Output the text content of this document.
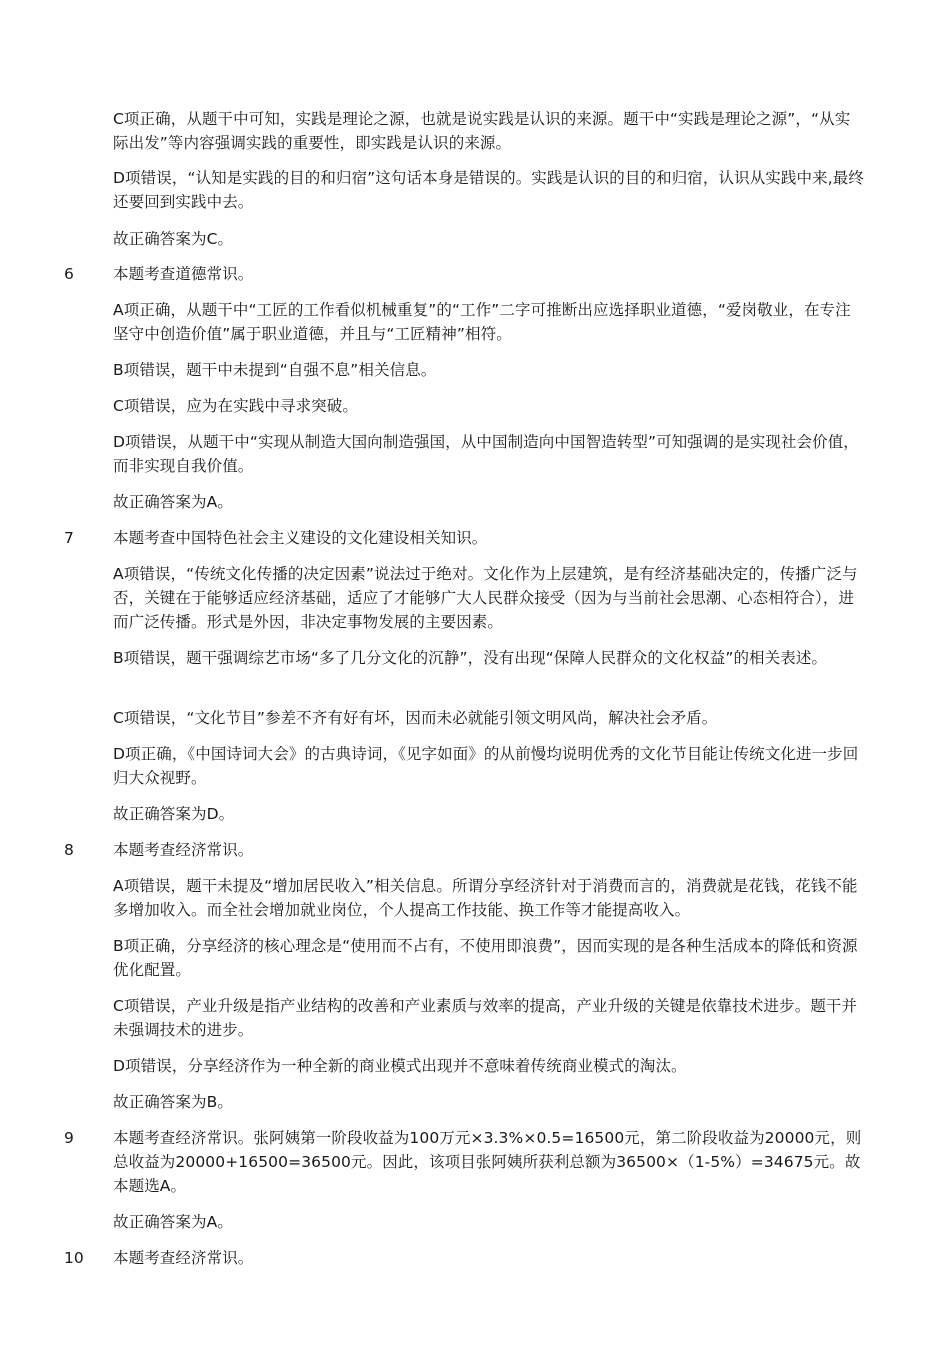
C项正确，从题干中可知，实践是理论之源，也就是说实践是认识的来源。题干中“实践是理论之源”，“从实际出发”等内容强调实践的重要性，即实践是认识的来源。

D项错误，“认知是实践的目的和归宿”这句话本身是错误的。实践是认识的目的和归宿，认识从实践中来,最终还要回到实践中去。

故正确答案为C。

6	本题考查道德常识。

A项正确，从题干中“工匠的工作看似机械重复”的“工作”二字可推断出应选择职业道德，“爱岗敬业，在专注坚守中创造价值”属于职业道德，并且与“工匠精神”相符。

B项错误，题干中未提到“自强不息”相关信息。

C项错误，应为在实践中寻求突破。

D项错误，从题干中“实现从制造大国向制造强国，从中国制造向中国智造转型”可知强调的是实现社会价值，而非实现自我价值。

故正确答案为A。

7	本题考查中国特色社会主义建设的文化建设相关知识。

A项错误，“传统文化传播的决定因素”说法过于绝对。文化作为上层建筑，是有经济基础决定的，传播广泛与否，关键在于能够适应经济基础，适应了才能够广大人民群众接受（因为与当前社会思潮、心态相符合），进而广泛传播。形式是外因，非决定事物发展的主要因素。

B项错误，题干强调综艺市场“多了几分文化的沉静”，没有出现“保障人民群众的文化权益”的相关表述。

C项错误，“文化节目”参差不齐有好有坏，因而未必就能引领文明风尚，解决社会矛盾。

D项正确，《中国诗词大会》的古典诗词，《见字如面》的从前慢均说明优秀的文化节目能让传统文化进一步回归大众视野。

故正确答案为D。

8	本题考查经济常识。

A项错误，题干未提及“增加居民收入”相关信息。所谓分享经济针对于消费而言的，消费就是花钱，花钱不能多增加收入。而全社会增加就业岗位，个人提高工作技能、换工作等才能提高收入。

B项正确，分享经济的核心理念是“使用而不占有，不使用即浪费”，因而实现的是各种生活成本的降低和资源优化配置。

C项错误，产业升级是指产业结构的改善和产业素质与效率的提高，产业升级的关键是依靠技术进步。题干并未强调技术的进步。

D项错误，分享经济作为一种全新的商业模式出现并不意味着传统商业模式的淘汰。

故正确答案为B。

9	本题考查经济常识。张阿姨第一阶段收益为100万元×3.3%×0.5=16500元，第二阶段收益为20000元，则总收益为20000+16500=36500元。因此，该项目张阿姨所获利总额为36500×（1-5%）=34675元。故本题选A。

故正确答案为A。

10 本题考查经济常识。
